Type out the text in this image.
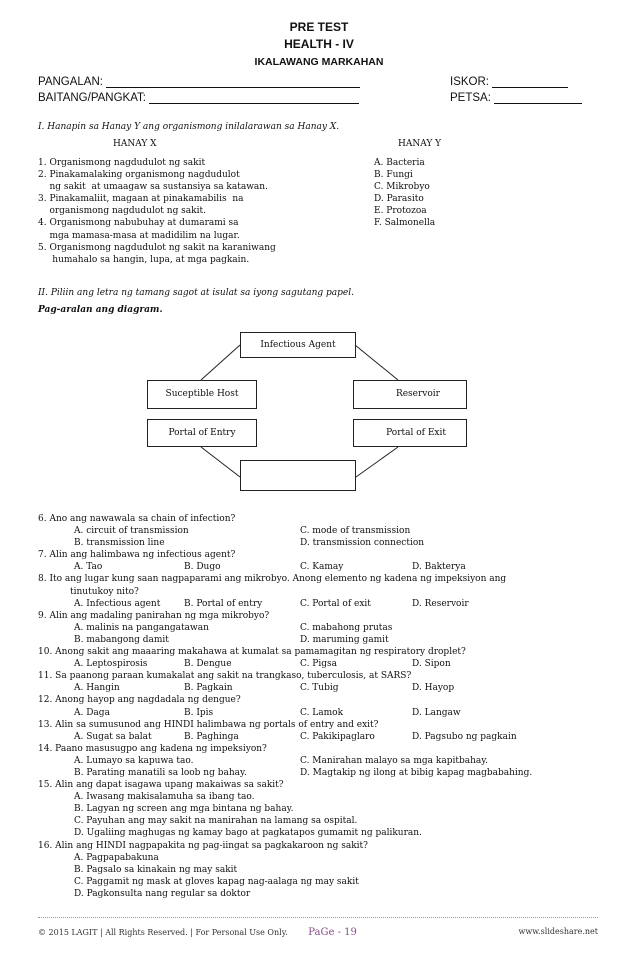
PRE TEST
HEALTH - IV
IKALAWANG MARKAHAN
PANGALAN:
BAITANG/PANGKAT:
ISKOR:
PETSA:
I. Hanapin sa Hanay Y ang organismong inilalarawan sa Hanay X.
HANAY X	HANAY Y
1. Organismong nagdudulot ng sakit
2. Pinakamalaking organismong nagdudulot
ng sakit  at umaagaw sa sustansiya sa katawan.
3. Pinakamaliit, magaan at pinakamabilis  na
organismong nagdudulot ng sakit.
4. Organismong nabubuhay at dumarami sa
mga mamasa-masa at madidilim na lugar.
5. Organismong nagdudulot ng sakit na karaniwang
humahalo sa hangin, lupa, at mga pagkain.
A. Bacteria
B. Fungi
C. Mikrobyo
D. Parasito
E. Protozoa
F. Salmonella
II. Piliin ang letra ng tamang sagot at isulat sa iyong sagutang papel.
Pag-aralan ang diagram.
Infectious Agent
Suceptible Host
Portal of Entry
Reservoir
Portal of Exit
6. Ano ang nawawala sa chain of infection?
A. circuit of transmission	C. mode of transmission
B. transmission line	D. transmission connection
7. Alin ang halimbawa ng infectious agent?
A. Tao	B. Dugo	C. Kamay	D. Bakterya
8. Ito ang lugar kung saan nagpaparami ang mikrobyo. Anong elemento ng kadena ng impeksiyon ang
tinutukoy nito?
A. Infectious agent	B. Portal of entry	C. Portal of exit	D. Reservoir
9. Alin ang madaling panirahan ng mga mikrobyo?
A. malinis na pangangatawan	C. mabahong prutas
B. mabangong damit	D. maruming gamit
10. Anong sakit ang maaaring makahawa at kumalat sa pamamagitan ng respiratory droplet?
A. Leptospirosis	B. Dengue	C. Pigsa	D. Sipon
11. Sa paanong paraan kumakalat ang sakit na trangkaso, tuberculosis, at SARS?
A. Hangin	B. Pagkain	C. Tubig	D. Hayop
12. Anong hayop ang nagdadala ng dengue?
A. Daga	B. Ipis	C. Lamok	D. Langaw
13. Alin sa sumusunod ang HINDI halimbawa ng portals of entry and exit?
A. Sugat sa balat	B. Paghinga	C. Pakikipaglaro	D. Pagsubo ng pagkain
14. Paano masusugpo ang kadena ng impeksiyon?
A. Lumayo sa kapuwa tao.	C. Manirahan malayo sa mga kapitbahay.
B. Parating manatili sa loob ng bahay.	D. Magtakip ng ilong at bibig kapag magbabahing.
15. Alin ang dapat isagawa upang makaiwas sa sakit?
A. Iwasang makisalamuha sa ibang tao.
B. Lagyan ng screen ang mga bintana ng bahay.
C. Payuhan ang may sakit na manirahan na lamang sa ospital.
D. Ugaliing maghugas ng kamay bago at pagkatapos gumamit ng palikuran.
16. Alin ang HINDI nagpapakita ng pag-iingat sa pagkakaroon ng sakit?
A. Pagpapabakuna
B. Pagsalo sa kinakain ng may sakit
C. Paggamit ng mask at gloves kapag nag-aalaga ng may sakit
D. Pagkonsulta nang regular sa doktor
© 2015 LAGIT | All Rights Reserved. | For Personal Use Only. PaGe - 19	www.slideshare.net
